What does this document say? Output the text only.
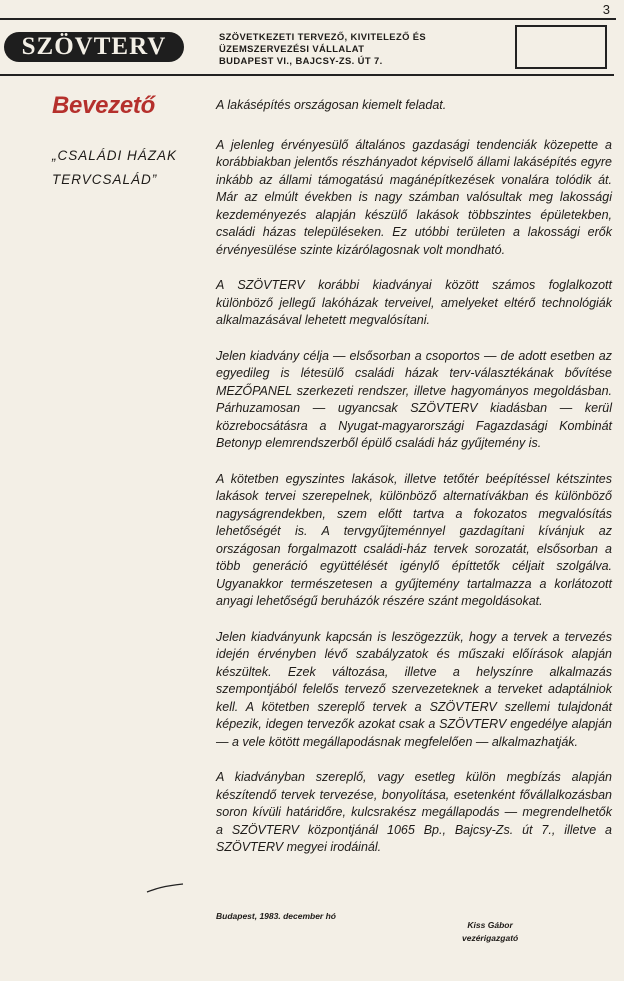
3
SZÖVTERV	SZÖVETKEZETI TERVEZŐ, KIVITELEZŐ ÉS
ÜZEMSZERVEZÉSI VÁLLALAT
BUDAPEST VI., BAJCSY-ZS. ÚT 7.
Bevezető
„CSALÁDI HÁZAK
TERVCSALÁD”

A lakásépítés országosan kiemelt feladat.

A jelenleg érvényesülő általános gazdasági tendenciák közepette a korábbiakban jelentős részhányadot képviselő állami lakásépítés egyre inkább az állami támogatású magánépítkezések vonalára tolódik át. Már az elmúlt években is nagy számban valósultak meg lakossági kezdeményezés alapján készülő lakások többszintes épületekben, családi házas településeken. Ez utóbbi területen a lakossági erők érvényesülése szinte kizárólagosnak volt mondható.

A SZÖVTERV korábbi kiadványai között számos foglalkozott különböző jellegű lakóházak terveivel, amelyeket eltérő technológiák alkalmazásával lehetett megvalósítani.

Jelen kiadvány célja — elsősorban a csoportos — de adott esetben az egyedileg is létesülő családi házak terv-választékának bővítése MEZŐPANEL szerkezeti rendszer, illetve hagyományos megoldásban. Párhuzamosan — ugyancsak SZÖVTERV kiadásban — kerül közrebocsátásra a Nyugat-magyarországi Fagazdasági Kombinát Betonyp elemrendszerből épülő családi ház gyűjtemény is.

A kötetben egyszintes lakások, illetve tetőtér beépítéssel kétszintes lakások tervei szerepelnek, különböző alternatívákban és különböző nagyságrendekben, szem előtt tartva a fokozatos megvalósítás lehetőségét is. A tervgyűjteménnyel gazdagítani kívánjuk az országosan forgalmazott családi-ház tervek sorozatát, elsősorban a több generáció együttélését igénylő építtetők céljait szolgálva. Ugyanakkor természetesen a gyűjtemény tartalmazza a korlátozott anyagi lehetőségű beruházók részére szánt megoldásokat.

Jelen kiadványunk kapcsán is leszögezzük, hogy a tervek a tervezés idején érvényben lévő szabályzatok és műszaki előírások alapján készültek. Ezek változása, illetve a helyszínre alkalmazás szempontjából felelős tervező szervezeteknek a terveket adaptálniok kell. A kötetben szereplő tervek a SZÖVTERV szellemi tulajdonát képezik, idegen tervezők azokat csak a SZÖVTERV engedélye alapján — a vele kötött megállapodásnak megfelelően — alkalmazhatják.

A kiadványban szereplő, vagy esetleg külön megbízás alapján készítendő tervek tervezése, bonyolítása, esetenként fővállalkozásban soron kívüli határidőre, kulcsrakész megállapodás — megrendelhetők a SZÖVTERV központjánál 1065 Bp., Bajcsy-Zs. út 7., illetve a SZÖVTERV megyei irodáinál.

Budapest, 1983. december hó
Kiss Gábor
vezérigazgató
